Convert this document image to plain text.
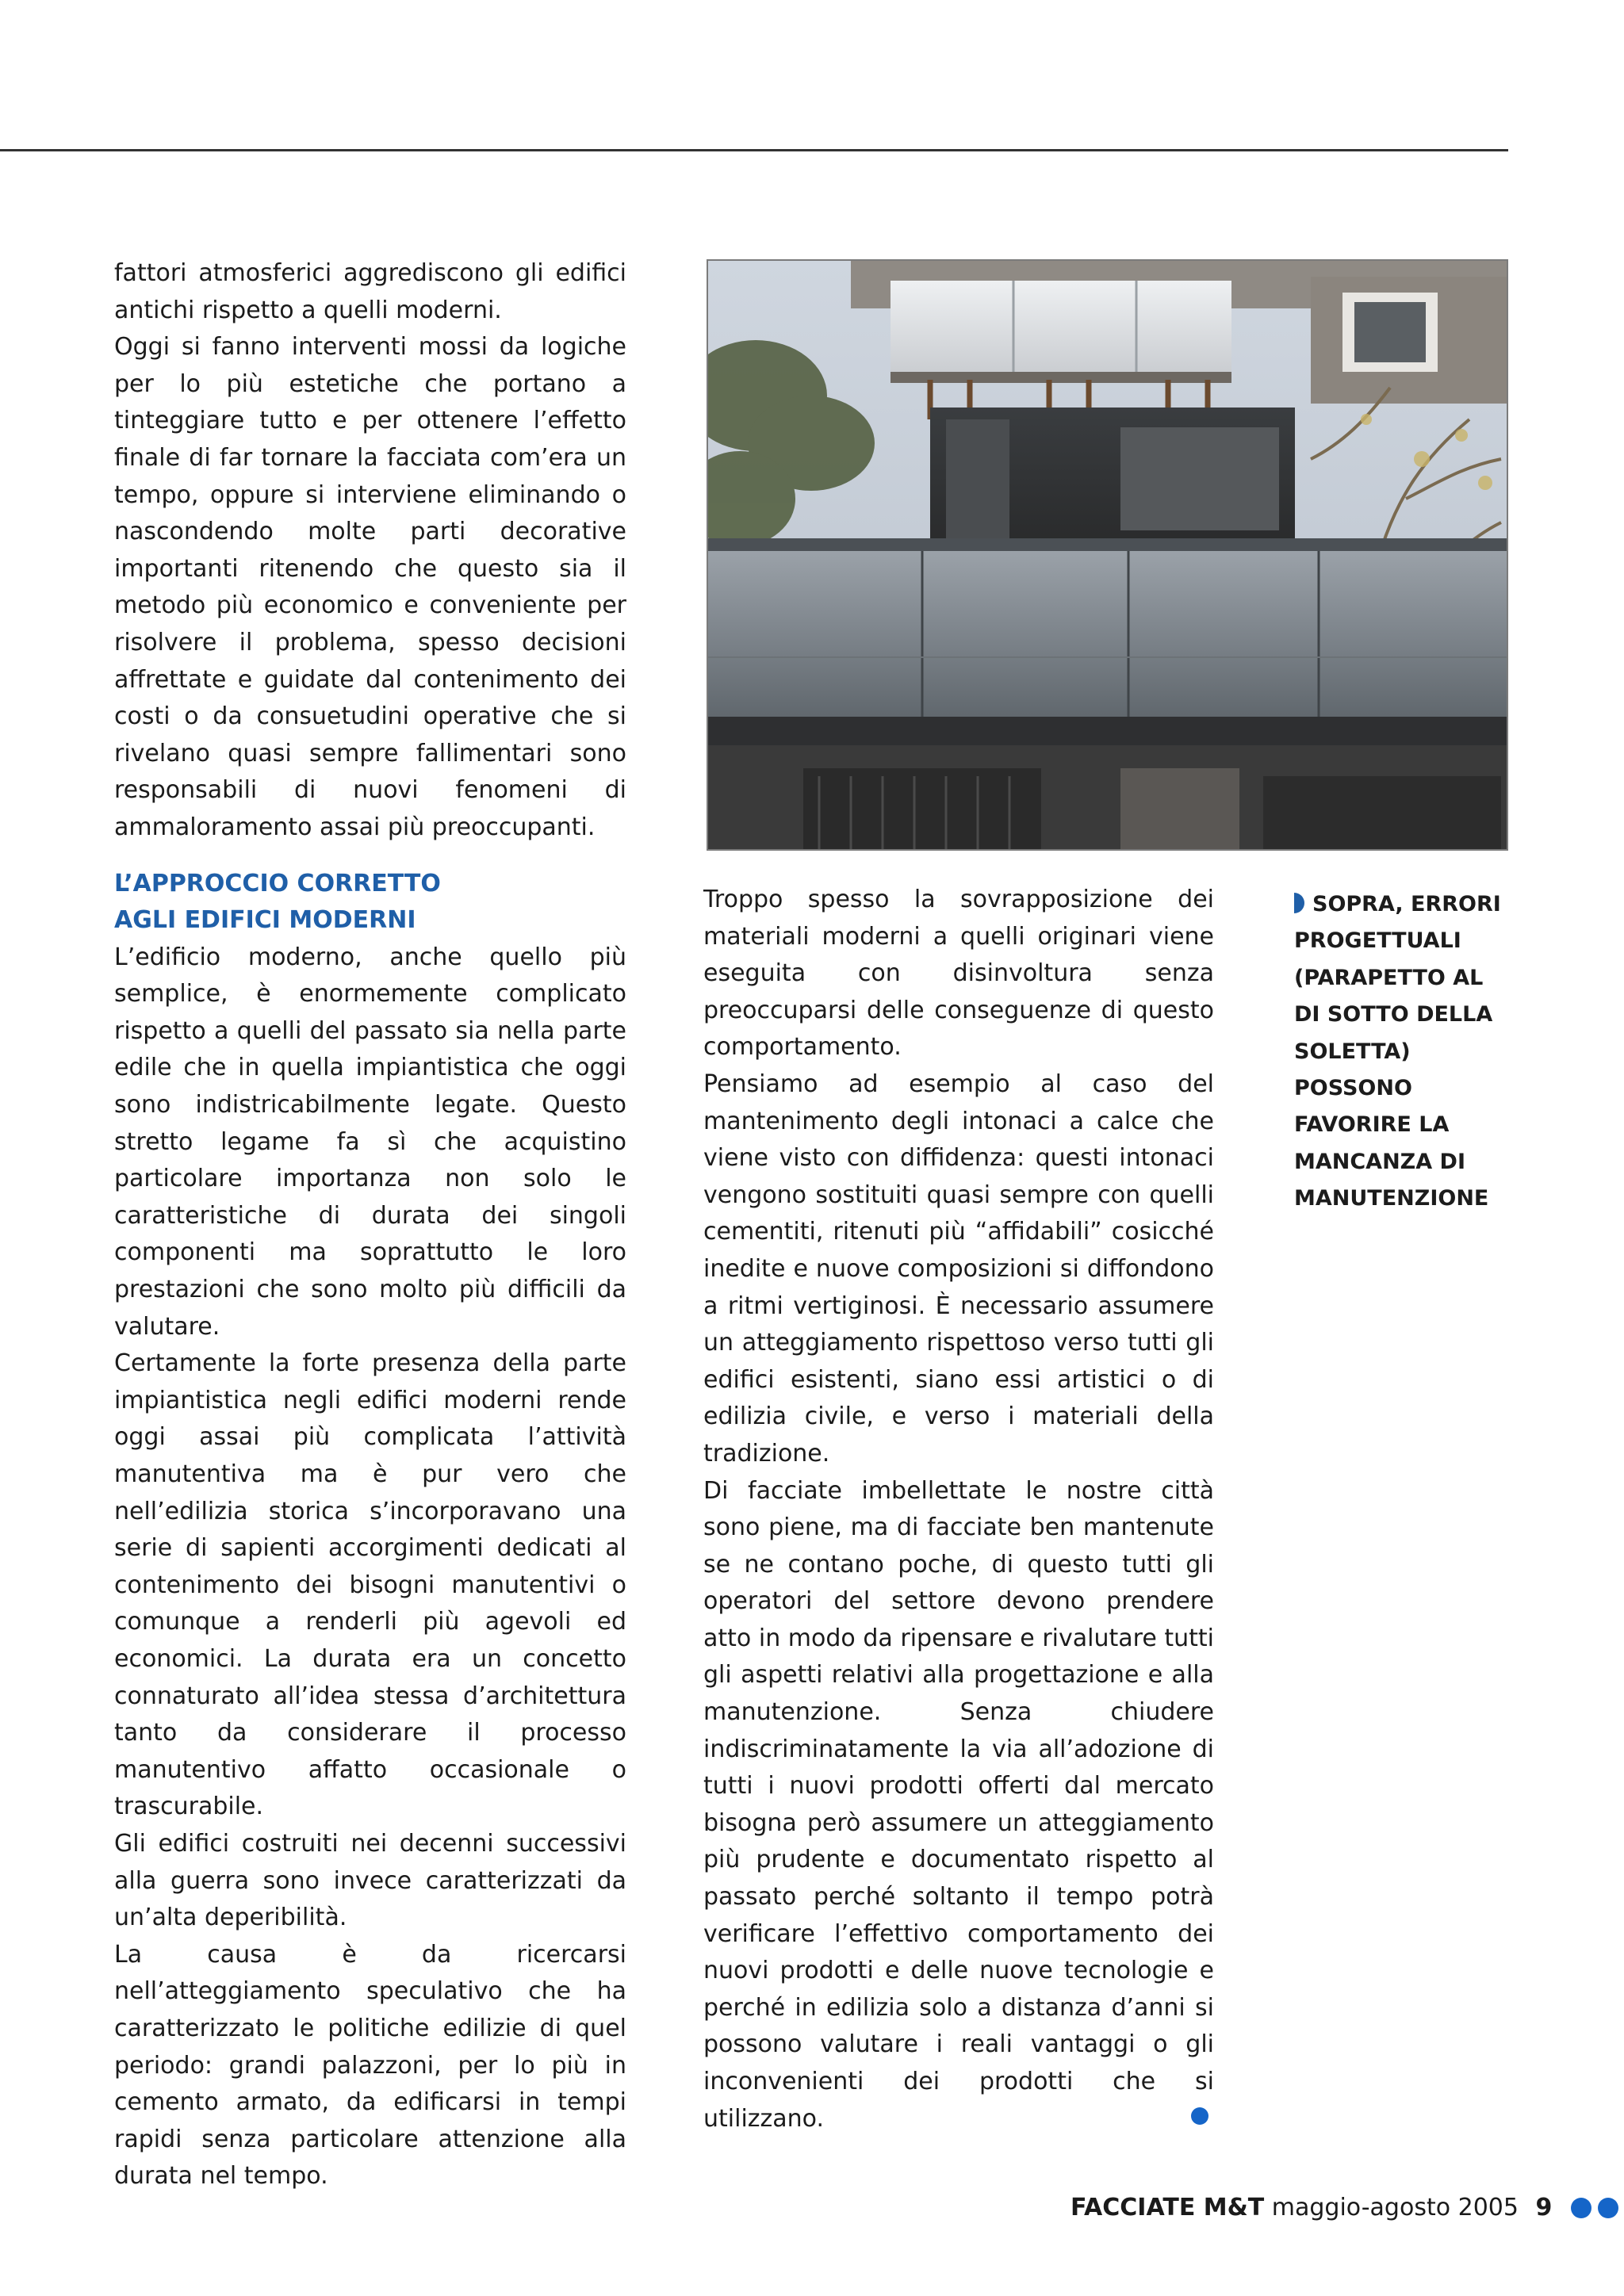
fattori atmosferici aggrediscono gli edifici antichi rispetto a quelli moderni.

Oggi si fanno interventi mossi da logiche per lo più estetiche che portano a tinteggiare tutto e per ottenere l’effetto finale di far tornare la facciata com’era un tempo, oppure si interviene eliminando o nascondendo molte parti decorative importanti ritenendo che questo sia il metodo più economico e conveniente per risolvere il problema, spesso decisioni affrettate e guidate dal contenimento dei costi o da consuetudini operative che si rivelano quasi sempre fallimentari sono responsabili di nuovi fenomeni di ammaloramento assai più preoccupanti.

L’APPROCCIO CORRETTO
AGLI EDIFICI MODERNI

L’edificio moderno, anche quello più semplice, è enormemente complicato rispetto a quelli del passato sia nella parte edile che in quella impiantistica che oggi sono indistricabilmente legate. Questo stretto legame fa sì che acquistino particolare importanza non solo le caratteristiche di durata dei singoli componenti ma soprattutto le loro prestazioni che sono molto più difficili da valutare.

Certamente la forte presenza della parte impiantistica negli edifici moderni rende oggi assai più complicata l’attività manutentiva ma è pur vero che nell’edilizia storica s’incorporavano una serie di sapienti accorgimenti dedicati al contenimento dei bisogni manutentivi o comunque a renderli più agevoli ed economici. La durata era un concetto connaturato all’idea stessa d’architettura tanto da considerare il processo manutentivo affatto occasionale o trascurabile.

Gli edifici costruiti nei decenni successivi alla guerra sono invece caratterizzati da un’alta deperibilità.

La causa è da ricercarsi nell’atteggiamento speculativo che ha caratterizzato le politiche edilizie di quel periodo: grandi palazzoni, per lo più in cemento armato, da edificarsi in tempi rapidi senza particolare attenzione alla durata nel tempo.

Troppo spesso la sovrapposizione dei materiali moderni a quelli originari viene eseguita con disinvoltura senza preoccuparsi delle conseguenze di questo comportamento.

Pensiamo ad esempio al caso del mantenimento degli intonaci a calce che viene visto con diffidenza: questi intonaci vengono sostituiti quasi sempre con quelli cementiti, ritenuti più “affidabili” cosicché inedite e nuove composizioni si diffondono a ritmi vertiginosi. È necessario assumere un atteggiamento rispettoso verso tutti gli edifici esistenti, siano essi artistici o di edilizia civile, e verso i materiali della tradizione.

Di facciate imbellettate le nostre città sono piene, ma di facciate ben mantenute se ne contano poche, di questo tutti gli operatori del settore devono prendere atto in modo da ripensare e rivalutare tutti gli aspetti relativi alla progettazione e alla manutenzione. Senza chiudere indiscriminatamente la via all’adozione di tutti i nuovi prodotti offerti dal mercato bisogna però assumere un atteggiamento più prudente e documentato rispetto al passato perché soltanto il tempo potrà verificare l’effettivo comportamento dei nuovi prodotti e delle nuove tecnologie e perché in edilizia solo a distanza d’anni si possono valutare i reali vantaggi o gli inconvenienti dei prodotti che si utilizzano.

SOPRA, ERRORI PROGETTUALI (PARAPETTO AL DI SOTTO DELLA SOLETTA) POSSONO FAVORIRE LA MANCANZA DI MANUTENZIONE
FACCIATE M&T maggio-agosto 2005 9
